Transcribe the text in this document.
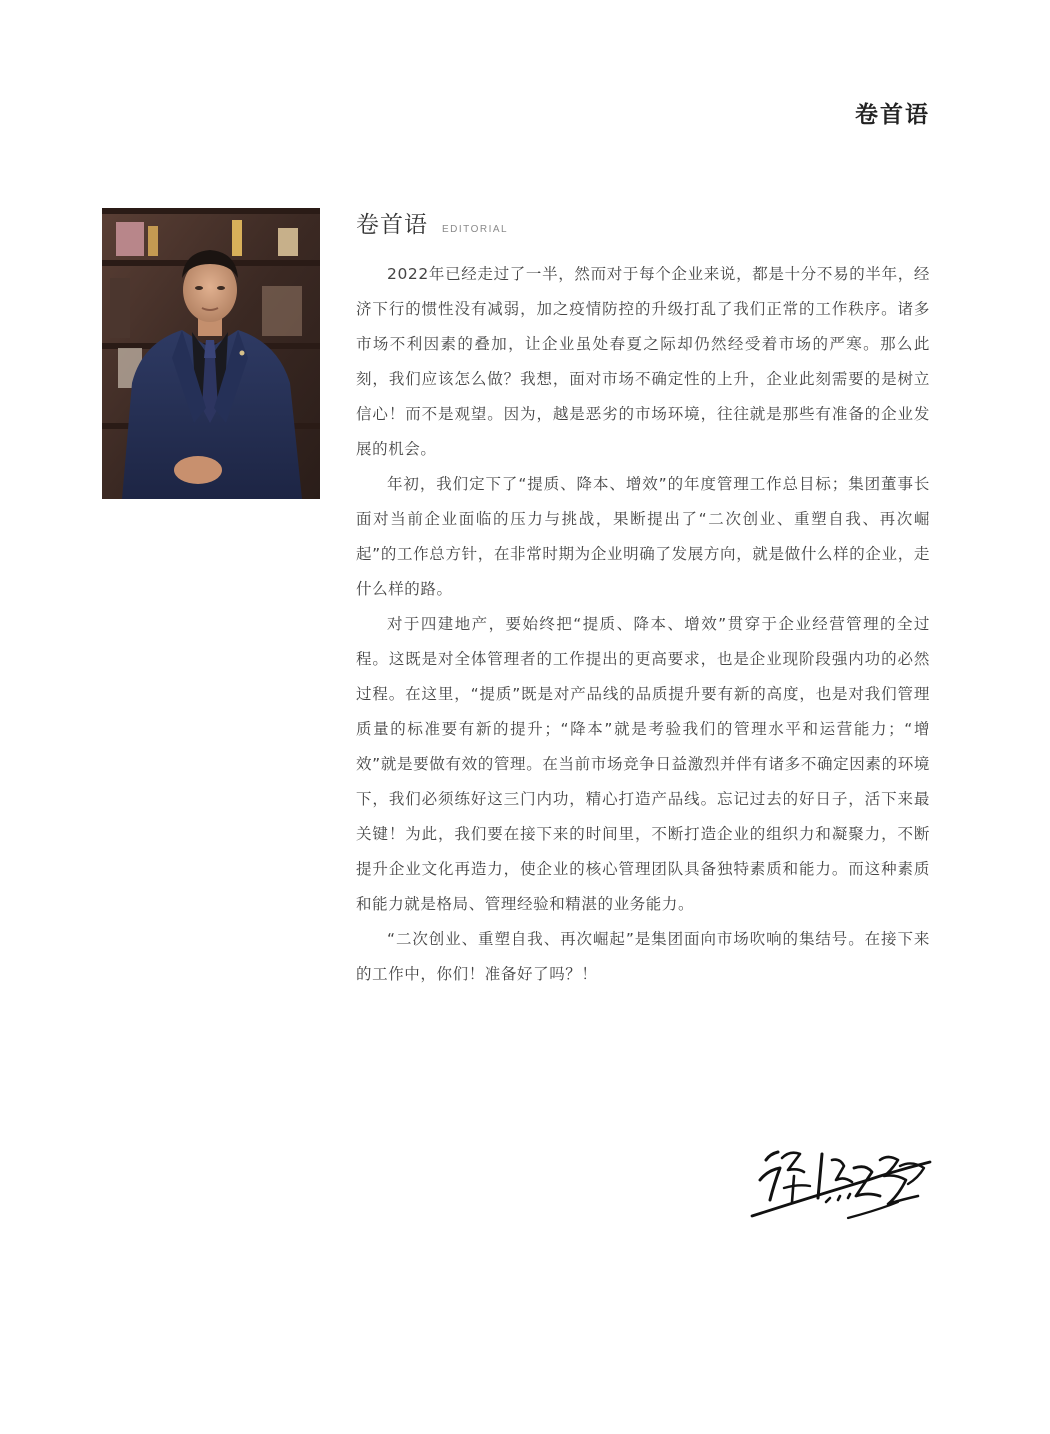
卷首语
卷首语 EDITORIAL

2022年已经走过了一半，然而对于每个企业来说，都是十分不易的半年，经济下行的惯性没有减弱，加之疫情防控的升级打乱了我们正常的工作秩序。诸多市场不利因素的叠加，让企业虽处春夏之际却仍然经受着市场的严寒。那么此刻，我们应该怎么做？我想，面对市场不确定性的上升，企业此刻需要的是树立信心！而不是观望。因为，越是恶劣的市场环境，往往就是那些有准备的企业发展的机会。

年初，我们定下了“提质、降本、增效”的年度管理工作总目标；集团董事长面对当前企业面临的压力与挑战，果断提出了“二次创业、重塑自我、再次崛起”的工作总方针，在非常时期为企业明确了发展方向，就是做什么样的企业，走什么样的路。

对于四建地产，要始终把“提质、降本、增效”贯穿于企业经营管理的全过程。这既是对全体管理者的工作提出的更高要求，也是企业现阶段强内功的必然过程。在这里，“提质”既是对产品线的品质提升要有新的高度，也是对我们管理质量的标准要有新的提升；“降本”就是考验我们的管理水平和运营能力；“增效”就是要做有效的管理。在当前市场竞争日益激烈并伴有诸多不确定因素的环境下，我们必须练好这三门内功，精心打造产品线。忘记过去的好日子，活下来最关键！为此，我们要在接下来的时间里，不断打造企业的组织力和凝聚力，不断提升企业文化再造力，使企业的核心管理团队具备独特素质和能力。而这种素质和能力就是格局、管理经验和精湛的业务能力。

“二次创业、重塑自我、再次崛起”是集团面向市场吹响的集结号。在接下来的工作中，你们！准备好了吗？！
